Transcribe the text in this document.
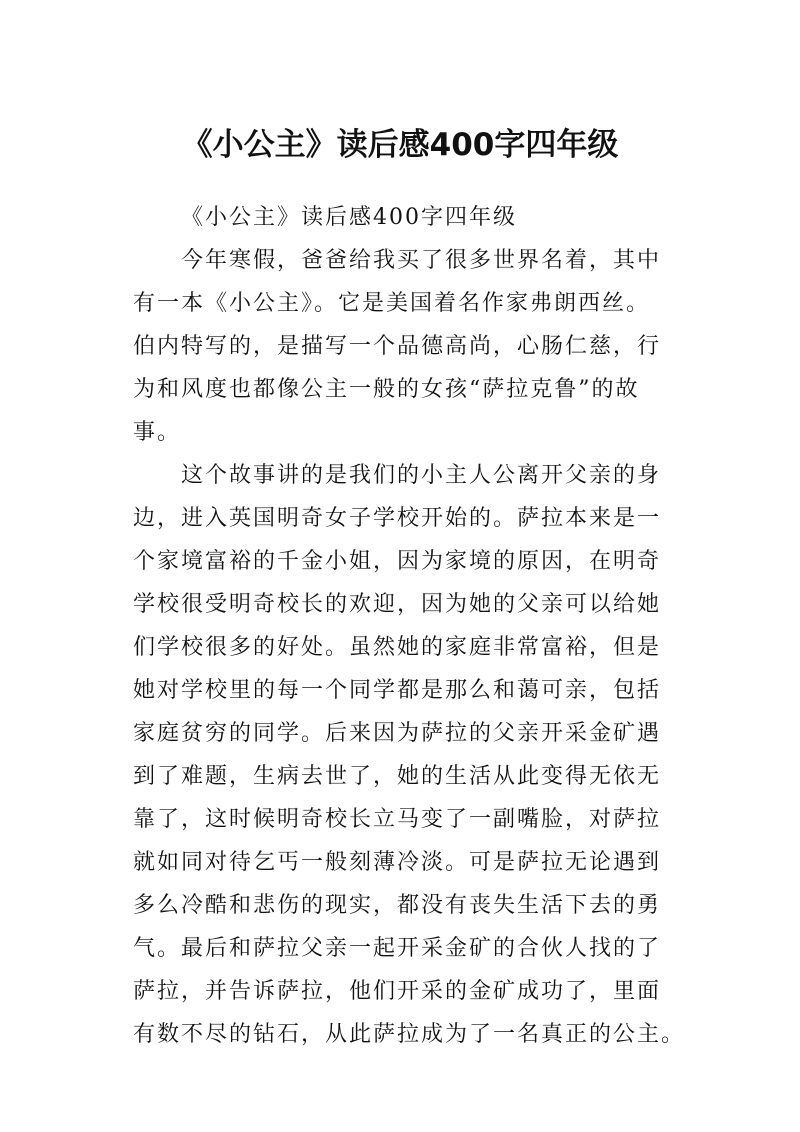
《小公主》读后感400字四年级
《小公主》读后感400字四年级
今年寒假，爸爸给我买了很多世界名着，其中
有一本《小公主》。它是美国着名作家弗朗西丝。
伯内特写的，是描写一个品德高尚，心肠仁慈，行
为和风度也都像公主一般的女孩“萨拉克鲁”的故
事。
这个故事讲的是我们的小主人公离开父亲的身
边，进入英国明奇女子学校开始的。萨拉本来是一
个家境富裕的千金小姐，因为家境的原因，在明奇
学校很受明奇校长的欢迎，因为她的父亲可以给她
们学校很多的好处。虽然她的家庭非常富裕，但是
她对学校里的每一个同学都是那么和蔼可亲，包括
家庭贫穷的同学。后来因为萨拉的父亲开采金矿遇
到了难题，生病去世了，她的生活从此变得无依无
靠了，这时候明奇校长立马变了一副嘴脸，对萨拉
就如同对待乞丐一般刻薄冷淡。可是萨拉无论遇到
多么冷酷和悲伤的现实，都没有丧失生活下去的勇
气。最后和萨拉父亲一起开采金矿的合伙人找的了
萨拉，并告诉萨拉，他们开采的金矿成功了，里面
有数不尽的钻石，从此萨拉成为了一名真正的公主。
